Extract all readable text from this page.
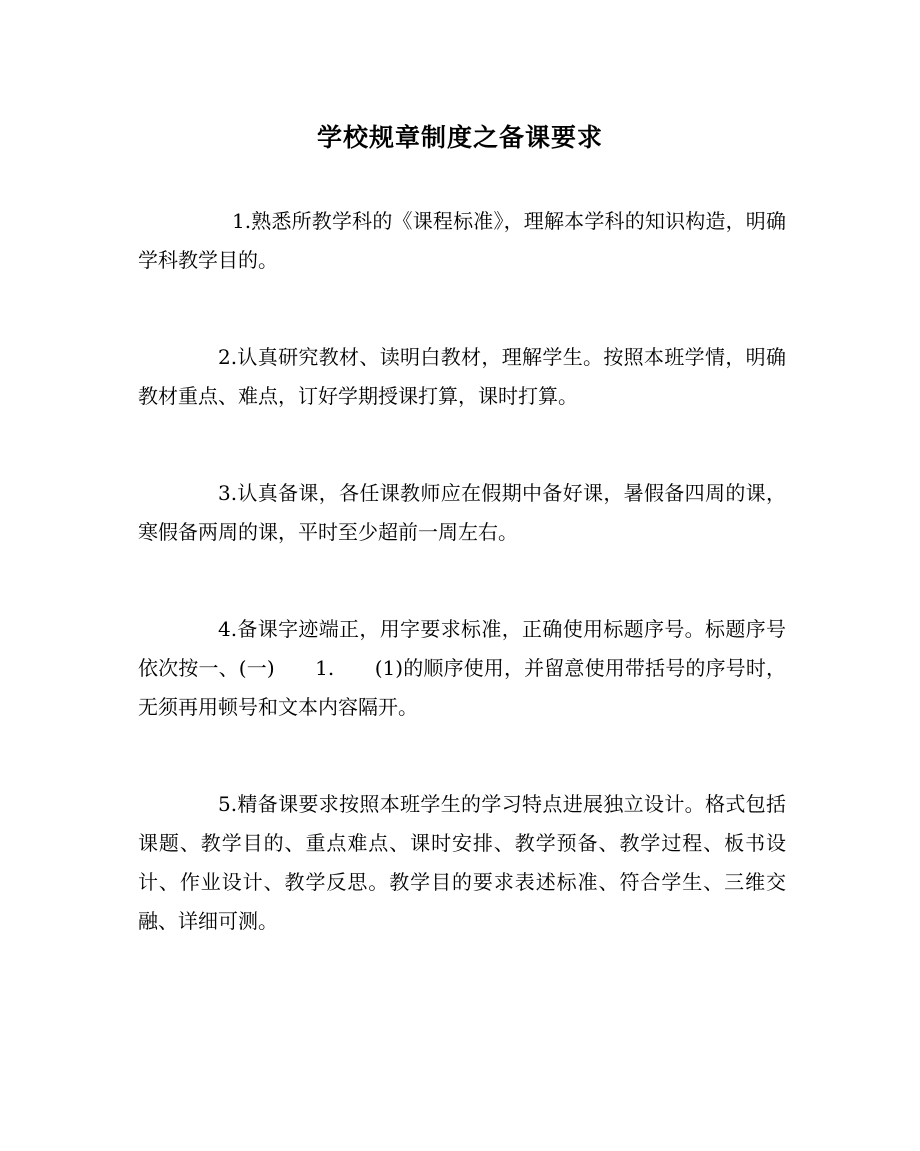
学校规章制度之备课要求

1.熟悉所教学科的《课程标准》，理解本学科的知识构造，明确学科教学目的。

2.认真研究教材、读明白教材，理解学生。按照本班学情，明确教材重点、难点，订好学期授课打算，课时打算。

3.认真备课，各任课教师应在假期中备好课，暑假备四周的课，寒假备两周的课，平时至少超前一周左右。

4.备课字迹端正，用字要求标准，正确使用标题序号。标题序号依次按一、(一)　　1.　　(1)的顺序使用，并留意使用带括号的序号时，无须再用顿号和文本内容隔开。

5.精备课要求按照本班学生的学习特点进展独立设计。格式包括课题、教学目的、重点难点、课时安排、教学预备、教学过程、板书设计、作业设计、教学反思。教学目的要求表述标准、符合学生、三维交融、详细可测。
